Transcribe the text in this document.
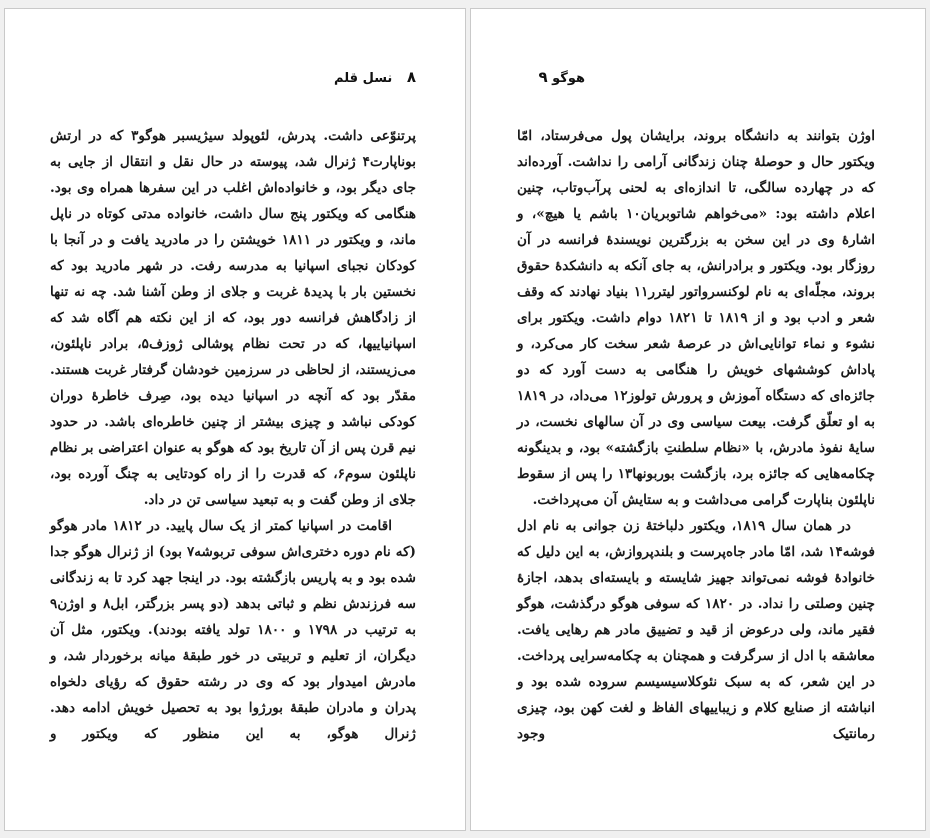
۸ نسل قلم

پرتنوّعی داشت. پدرش، لئوپولد سیژیسبر هوگو۳ که در ارتش بوناپارت۴ ژنرال شد، پیوسته در حال نقل و انتقال از جایی به جای دیگر بود، و خانواده‌اش اغلب در این سفرها همراه وی بود. هنگامی که ویکتور پنج سال داشت، خانواده مدتی کوتاه در ناپل ماند، و ویکتور در ۱۸۱۱ خویشتن را در مادرید یافت و در آنجا با کودکان نجبای اسپانیا به مدرسه رفت. در شهر مادرید بود که نخستین بار با پدیدهٔ غربت و جلای از وطن آشنا شد. چه نه تنها از زادگاهش فرانسه دور بود، که از این نکته هم آگاه شد که اسپانیاییها، که در تحت نظام پوشالی ژوزف۵، برادر ناپلئون، می‌زیستند، از لحاظی در سرزمین خودشان گرفتار غربت هستند. مقدّر بود که آنچه در اسپانیا دیده بود، صِرف خاطرهٔ دوران کودکی نباشد و چیزی بیشتر از چنین خاطره‌ای باشد. در حدود نیم قرن پس از آن تاریخ بود که هوگو به عنوان اعتراضی بر نظام ناپلئون سوم۶، که قدرت را از راه کودتایی به چنگ آورده بود، جلای از وطن گفت و به تبعید سیاسی تن در داد.

اقامت در اسپانیا کمتر از یک سال پایید. در ۱۸۱۲ مادر هوگو (که نام دوره دختری‌اش سوفی تربوشه۷ بود) از ژنرال هوگو جدا شده بود و به پاریس بازگشته بود. در اینجا جهد کرد تا به زندگانی سه فرزندش نظم و ثباتی بدهد (دو پسر بزرگتر، ابل۸ و اوژن۹ به ترتیب در ۱۷۹۸ و ۱۸۰۰ تولد یافته بودند). ویکتور، مثل آن دیگران، از تعلیم و تربیتی در خور طبقهٔ میانه برخوردار شد، و مادرش امیدوار بود که وی در رشته حقوق که رؤیای دلخواه پدران و مادران طبقهٔ بورژوا بود به تحصیل خویش ادامه دهد. ژنرال هوگو، به این منظور که ویکتور و

هوگو ۹

اوژن بتوانند به دانشگاه بروند، برایشان پول می‌فرستاد، امّا ویکتور حال و حوصلهٔ چنان زندگانی آرامی را نداشت. آورده‌اند که در چهارده سالگی، تا اندازه‌ای به لحنی پرآب‌وتاب، چنین اعلام داشته بود: «می‌خواهم شاتوبریان۱۰ باشم یا هیچ»، و اشارهٔ وی در این سخن به بزرگترین نویسندهٔ فرانسه در آن روزگار بود. ویکتور و برادرانش، به جای آنکه به دانشکدهٔ حقوق بروند، مجلّه‌ای به نام لوکنسرواتور لیترر۱۱ بنیاد نهادند که وقف شعر و ادب بود و از ۱۸۱۹ تا ۱۸۲۱ دوام داشت. ویکتور برای نشوء و نماء توانایی‌اش در عرصهٔ شعر سخت کار می‌کرد، و پاداش کوششهای خویش را هنگامی به دست آورد که دو جائزه‌ای که دستگاه آموزش و پرورش تولوز۱۲ می‌داد، در ۱۸۱۹ به او تعلّق گرفت. بیعت سیاسی وی در آن سالهای نخست، در سایهٔ نفوذ مادرش، با «نظام سلطنتِ بازگشته» بود، و بدینگونه چکامه‌هایی که جائزه برد، بازگشت بوربونها۱۳ را پس از سقوط ناپلئون بناپارت گرامی می‌داشت و به ستایش آن می‌پرداخت.

در همان سال ۱۸۱۹، ویکتور دلباختهٔ زن جوانی به نام ادل فوشه۱۴ شد، امّا مادر جاه‌پرست و بلندپروازش، به این دلیل که خانوادهٔ فوشه نمی‌تواند جهیز شایسته و بایسته‌ای بدهد، اجازهٔ چنین وصلتی را نداد. در ۱۸۲۰ که سوفی هوگو درگذشت، هوگو فقیر ماند، ولی درعوض از قید و تضییق مادر هم رهایی یافت. معاشقه با ادل از سرگرفت و همچنان به چکامه‌سرایی پرداخت. در این شعر، که به سبک نئوکلاسیسیسم سروده شده بود و انباشته از صنایع کلام و زیباییهای الفاظ و لغت کهن بود، چیزی رمانتیک وجود
